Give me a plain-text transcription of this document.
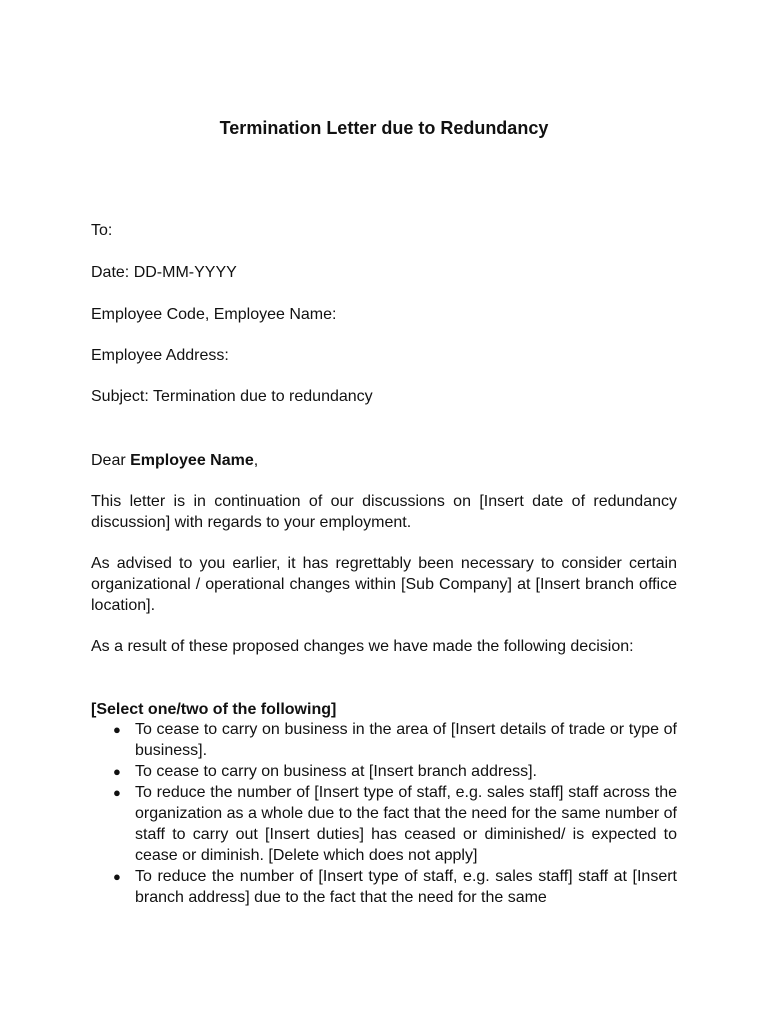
Termination Letter due to Redundancy
To:
Date: DD-MM-YYYY
Employee Code, Employee Name:
Employee Address:
Subject: Termination due to redundancy
Dear Employee Name,
This letter is in continuation of our discussions on [Insert date of redundancy discussion] with regards to your employment.
As advised to you earlier, it has regrettably been necessary to consider certain organizational / operational changes within [Sub Company] at [Insert branch office location].
As a result of these proposed changes we have made the following decision:
[Select one/two of the following]
● To cease to carry on business in the area of [Insert details of trade or type of business].
● To cease to carry on business at [Insert branch address].
● To reduce the number of [Insert type of staff, e.g. sales staff] staff across the organization as a whole due to the fact that the need for the same number of staff to carry out [Insert duties] has ceased or diminished/ is expected to cease or diminish. [Delete which does not apply]
● To reduce the number of [Insert type of staff, e.g. sales staff] staff at [Insert branch address] due to the fact that the need for the same
